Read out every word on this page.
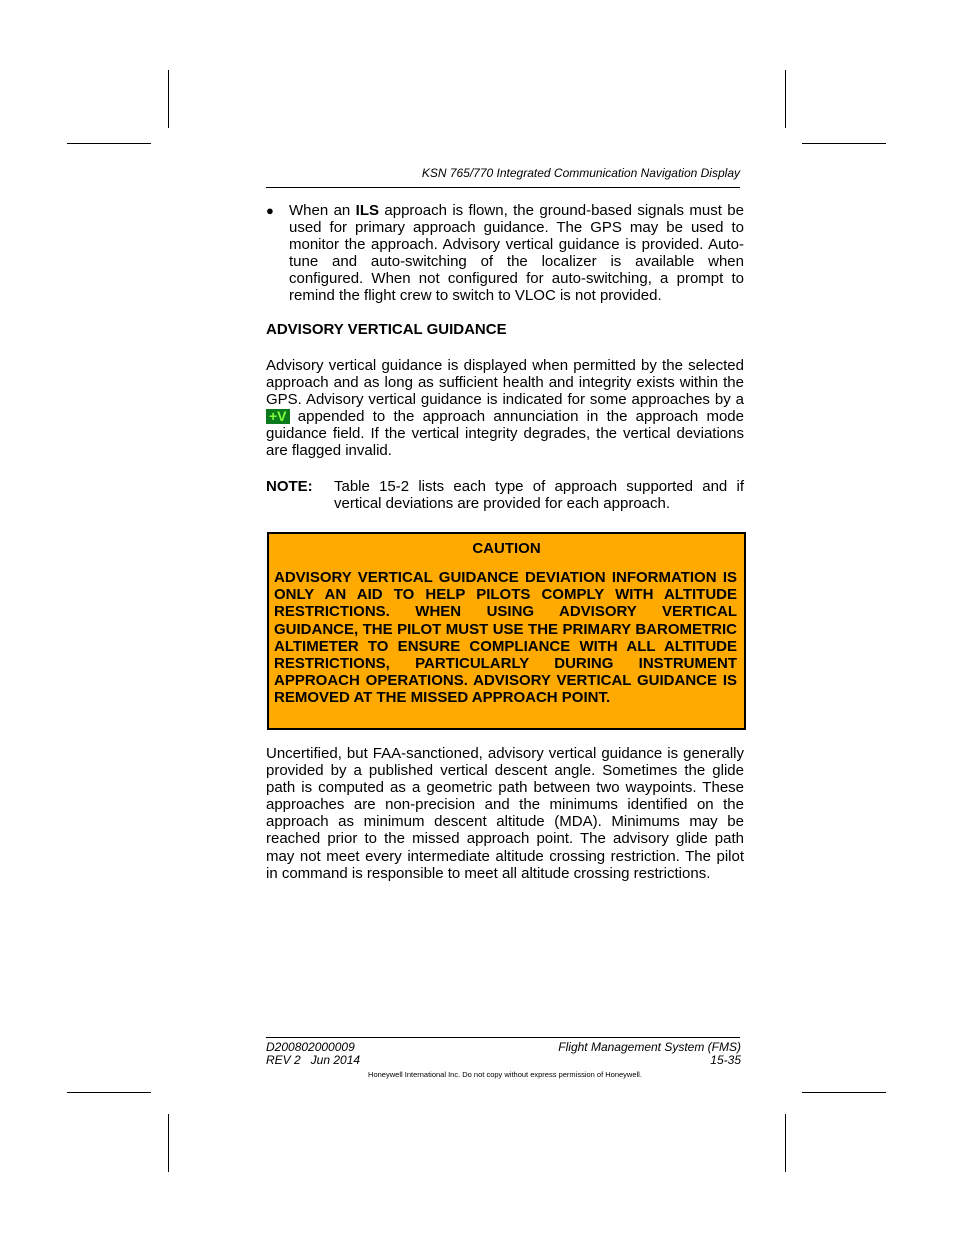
KSN 765/770 Integrated Communication Navigation Display
● When an ILS approach is flown, the ground-based signals must be used for primary approach guidance. The GPS may be used to monitor the approach. Advisory vertical guidance is provided. Auto-tune and auto-switching of the localizer is available when configured. When not configured for auto-switching, a prompt to remind the flight crew to switch to VLOC is not provided.
ADVISORY VERTICAL GUIDANCE
Advisory vertical guidance is displayed when permitted by the selected approach and as long as sufficient health and integrity exists within the GPS. Advisory vertical guidance is indicated for some approaches by a +V appended to the approach annunciation in the approach mode guidance field. If the vertical integrity degrades, the vertical deviations are flagged invalid.
NOTE: Table 15-2 lists each type of approach supported and if vertical deviations are provided for each approach.
CAUTION
ADVISORY VERTICAL GUIDANCE DEVIATION INFORMATION IS ONLY AN AID TO HELP PILOTS COMPLY WITH ALTITUDE RESTRICTIONS. WHEN USING ADVISORY VERTICAL GUIDANCE, THE PILOT MUST USE THE PRIMARY BAROMETRIC ALTIMETER TO ENSURE COMPLIANCE WITH ALL ALTITUDE RESTRICTIONS, PARTICULARLY DURING INSTRUMENT APPROACH OPERATIONS. ADVISORY VERTICAL GUIDANCE IS REMOVED AT THE MISSED APPROACH POINT.
Uncertified, but FAA-sanctioned, advisory vertical guidance is generally provided by a published vertical descent angle. Sometimes the glide path is computed as a geometric path between two waypoints. These approaches are non-precision and the minimums identified on the approach as minimum descent altitude (MDA). Minimums may be reached prior to the missed approach point. The advisory glide path may not meet every intermediate altitude crossing restriction. The pilot in command is responsible to meet all altitude crossing restrictions.
D200802000009
REV 2   Jun 2014
Flight Management System (FMS)
15-35
Honeywell International Inc. Do not copy without express permission of Honeywell.
